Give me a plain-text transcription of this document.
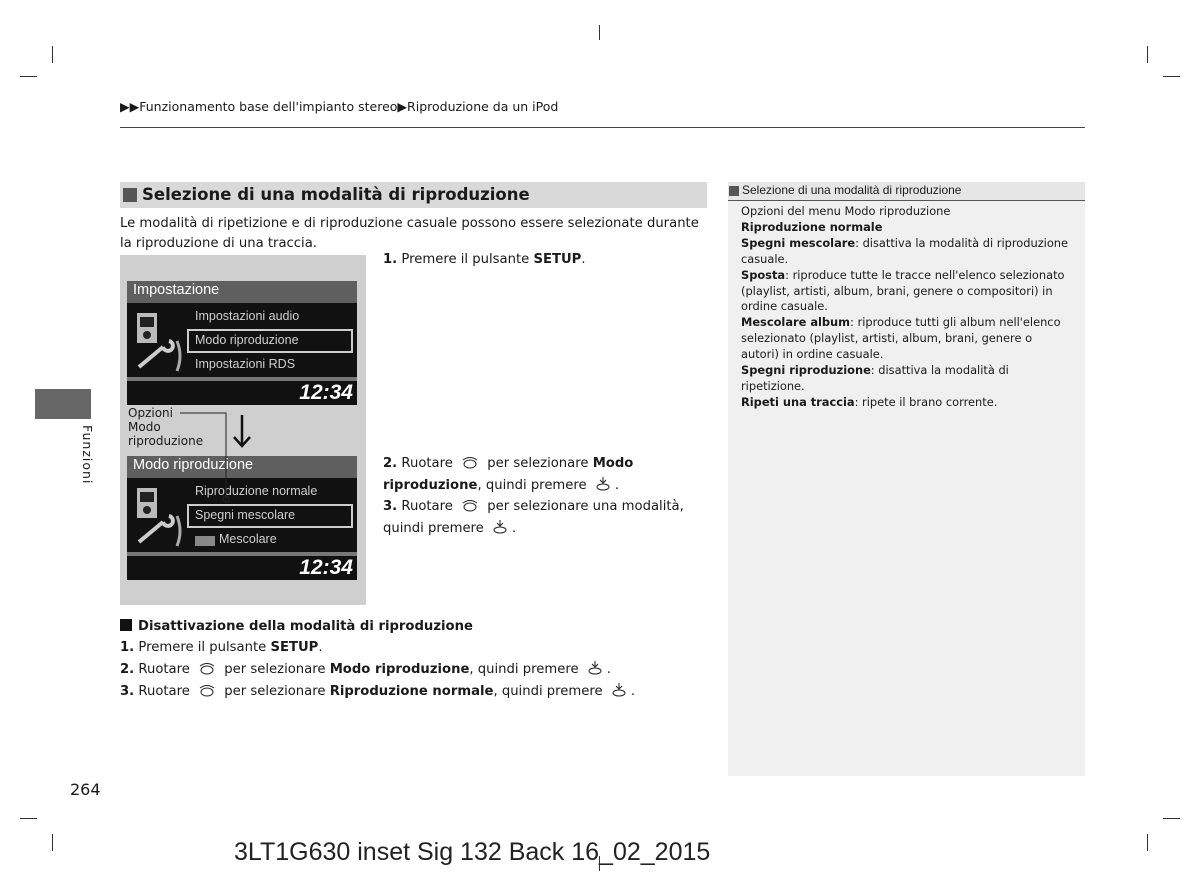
▶▶Funzionamento base dell'impianto stereo▶Riproduzione da un iPod
Selezione di una modalità di riproduzione
Le modalità di ripetizione e di riproduzione casuale possono essere selezionate durante la riproduzione di una traccia.
Impostazione
Impostazioni audio
Modo riproduzione
Impostazioni RDS
12:34
Modo riproduzione
Riproduzione normale
Spegni mescolare
Mescolare
12:34
Opzioni
Modo
riproduzione
1. Premere il pulsante SETUP.
2. Ruotare	per selezionare Modo riproduzione, quindi premere .
3. Ruotare	per selezionare una modalità, quindi premere .
Disattivazione della modalità di riproduzione
1. Premere il pulsante SETUP.
2. Ruotare	per selezionare Modo riproduzione, quindi premere .
3. Ruotare	per selezionare Riproduzione normale, quindi premere .
Selezione di una modalità di riproduzione
Opzioni del menu Modo riproduzione
Riproduzione normale
Spegni mescolare: disattiva la modalità di riproduzione casuale.
Sposta: riproduce tutte le tracce nell'elenco selezionato (playlist, artisti, album, brani, genere o compositori) in ordine casuale.
Mescolare album: riproduce tutti gli album nell'elenco selezionato (playlist, artisti, album, brani, genere o autori) in ordine casuale.
Spegni riproduzione: disattiva la modalità di ripetizione.
Ripeti una traccia: ripete il brano corrente.
Funzioni
264
3LT1G630 inset Sig 132 Back 16_02_2015
